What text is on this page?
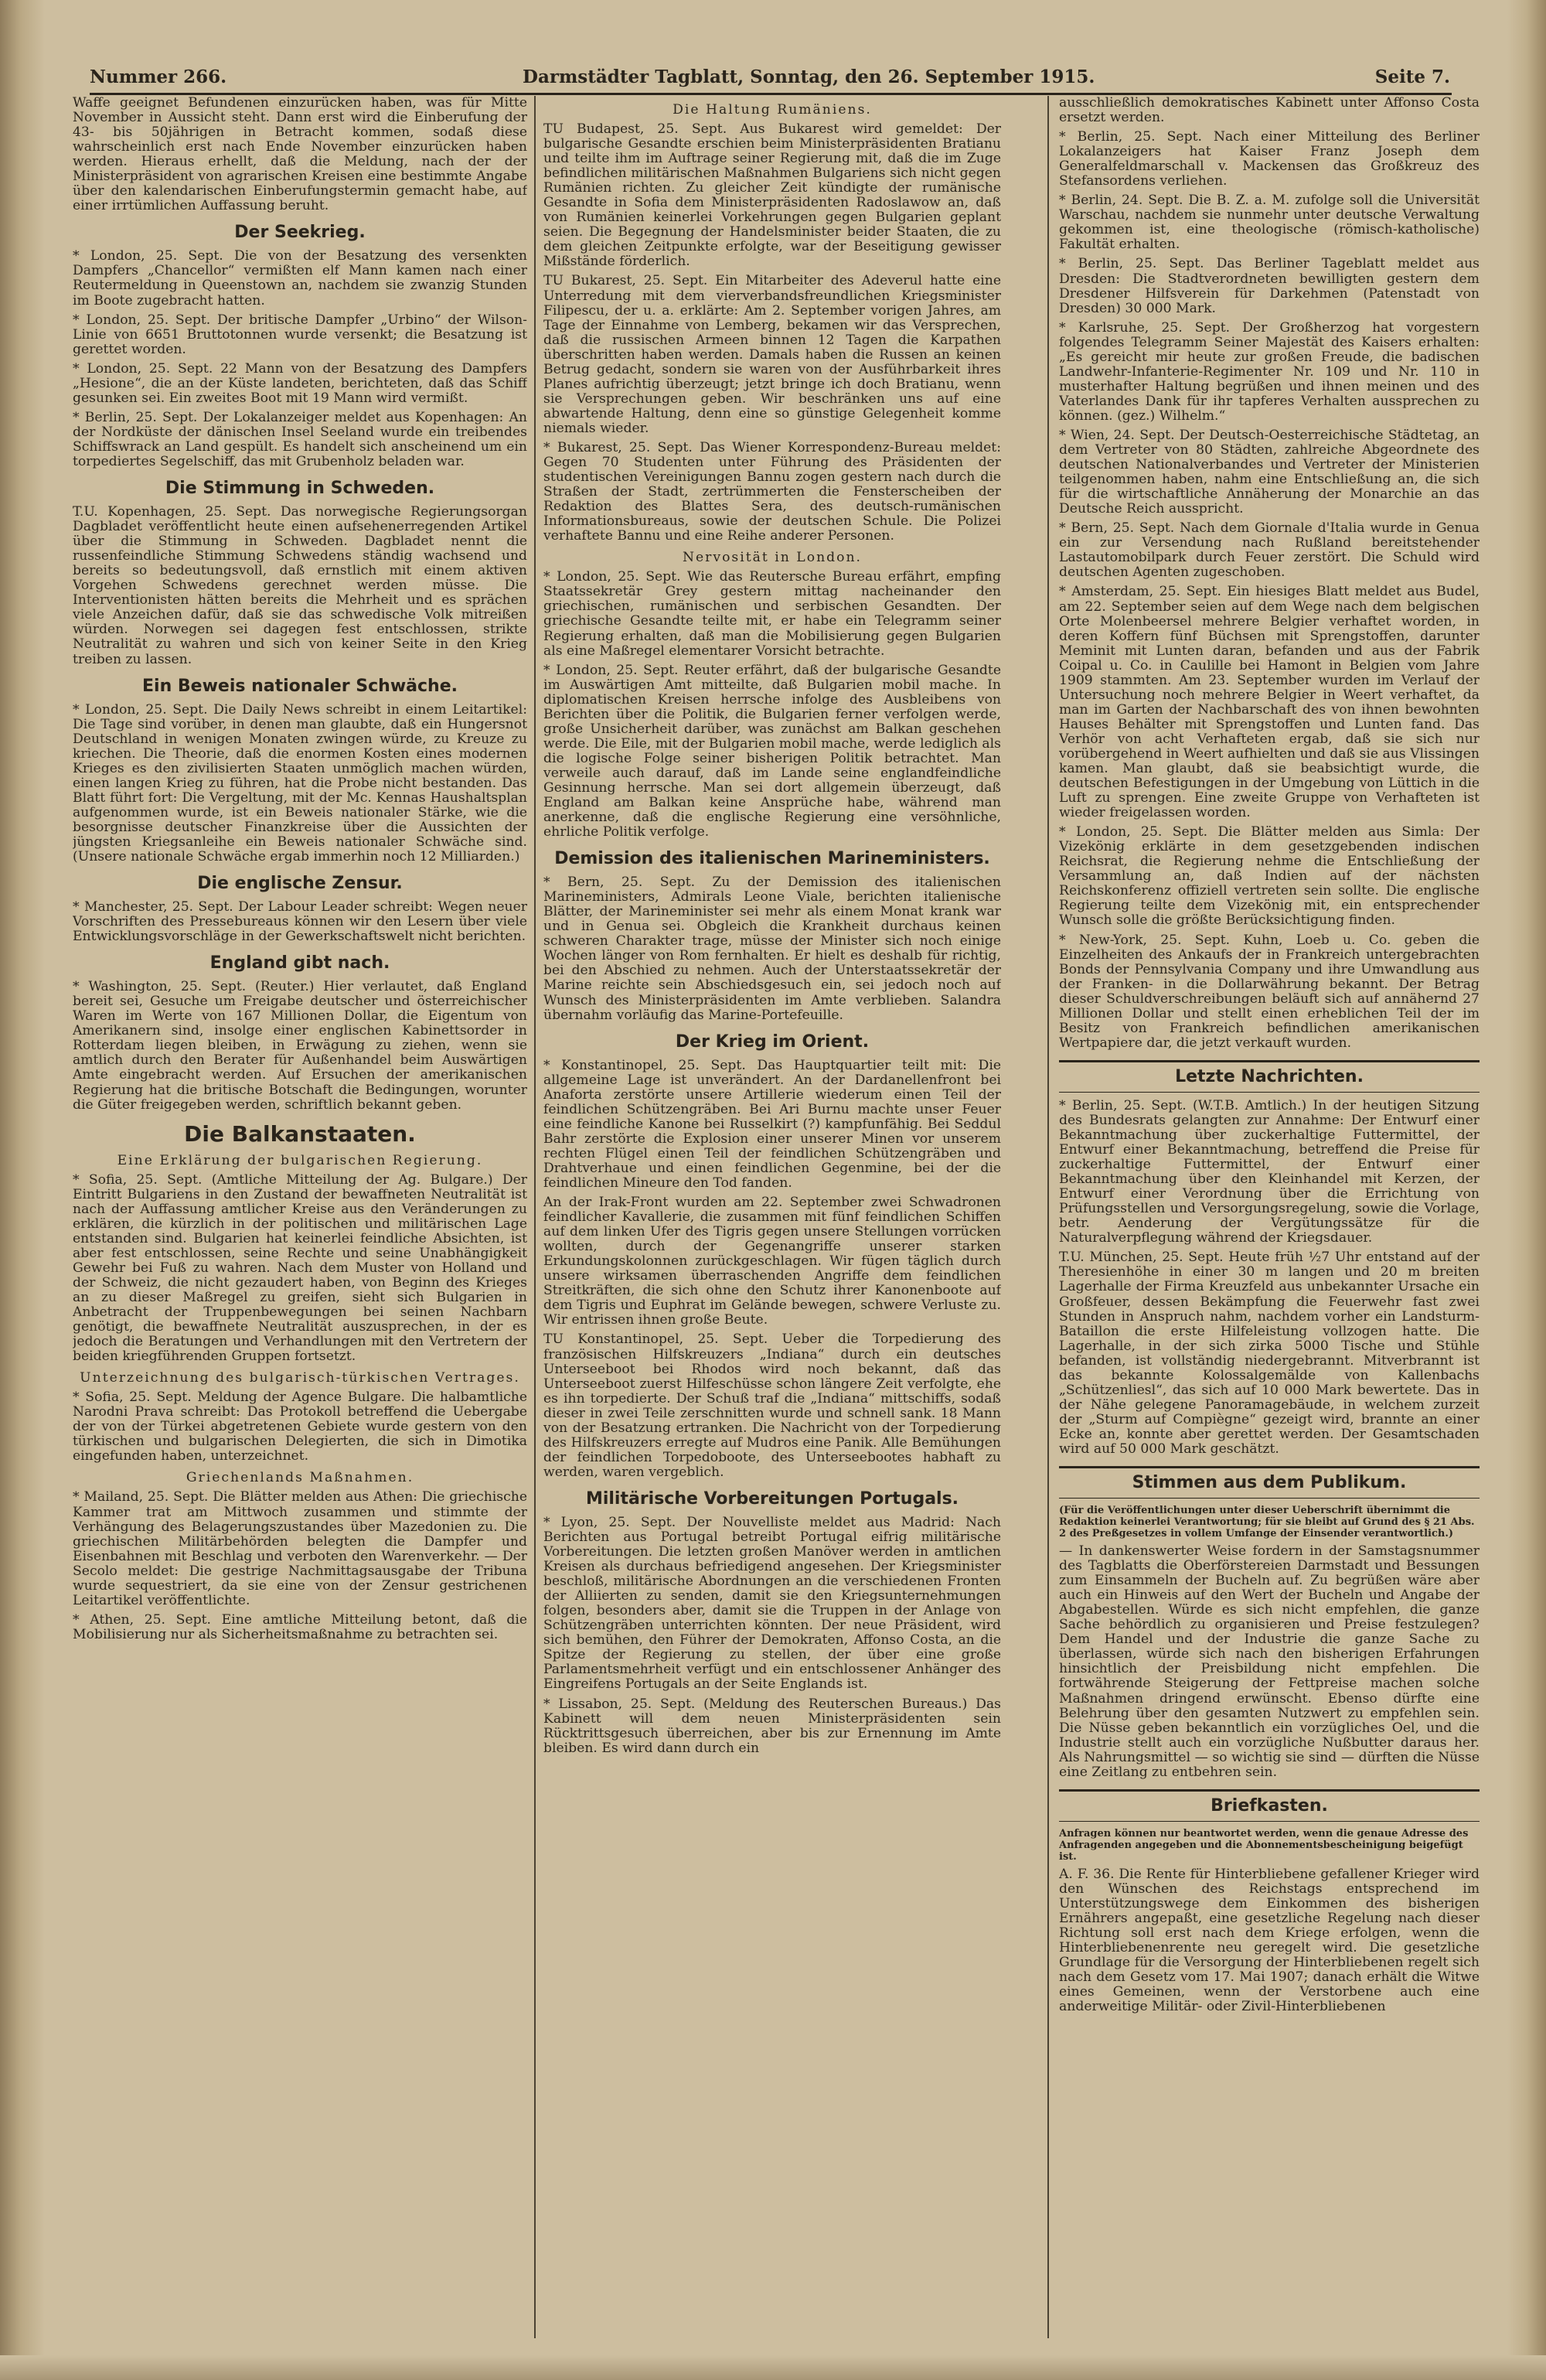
Nummer 266.	Darmstädter Tagblatt, Sonntag, den 26. September 1915.	Seite 7.

Waffe geeignet Befundenen einzurücken haben, was für Mitte November in Aussicht steht. Dann erst wird die Einberufung der 43- bis 50jährigen in Betracht kommen, sodaß diese wahrscheinlich erst nach Ende November einzurücken haben werden. Hieraus erhellt, daß die Meldung, nach der der Ministerpräsident von agrarischen Kreisen eine bestimmte Angabe über den kalendarischen Einberufungstermin gemacht habe, auf einer irrtümlichen Auffassung beruht.

Der Seekrieg.

* London, 25. Sept. Die von der Besatzung des versenkten Dampfers „Chancellor“ vermißten elf Mann kamen nach einer Reutermeldung in Queenstown an, nachdem sie zwanzig Stunden im Boote zugebracht hatten.

* London, 25. Sept. Der britische Dampfer „Urbino“ der Wilson-Linie von 6651 Bruttotonnen wurde versenkt; die Besatzung ist gerettet worden.

* London, 25. Sept. 22 Mann von der Besatzung des Dampfers „Hesione“, die an der Küste landeten, berichteten, daß das Schiff gesunken sei. Ein zweites Boot mit 19 Mann wird vermißt.

* Berlin, 25. Sept. Der Lokalanzeiger meldet aus Kopenhagen: An der Nordküste der dänischen Insel Seeland wurde ein treibendes Schiffswrack an Land gespült. Es handelt sich anscheinend um ein torpediertes Segelschiff, das mit Grubenholz beladen war.

Die Stimmung in Schweden.

T.U. Kopenhagen, 25. Sept. Das norwegische Regierungsorgan Dagbladet veröffentlicht heute einen aufsehenerregenden Artikel über die Stimmung in Schweden. Dagbladet nennt die russenfeindliche Stimmung Schwedens ständig wachsend und bereits so bedeutungsvoll, daß ernstlich mit einem aktiven Vorgehen Schwedens gerechnet werden müsse. Die Interventionisten hätten bereits die Mehrheit und es sprächen viele Anzeichen dafür, daß sie das schwedische Volk mitreißen würden. Norwegen sei dagegen fest entschlossen, strikte Neutralität zu wahren und sich von keiner Seite in den Krieg treiben zu lassen.

Ein Beweis nationaler Schwäche.

* London, 25. Sept. Die Daily News schreibt in einem Leitartikel: Die Tage sind vorüber, in denen man glaubte, daß ein Hungersnot Deutschland in wenigen Monaten zwingen würde, zu Kreuze zu kriechen. Die Theorie, daß die enormen Kosten eines modernen Krieges es den zivilisierten Staaten unmöglich machen würden, einen langen Krieg zu führen, hat die Probe nicht bestanden. Das Blatt führt fort: Die Vergeltung, mit der Mc. Kennas Haushaltsplan aufgenommen wurde, ist ein Beweis nationaler Stärke, wie die besorgnisse deutscher Finanzkreise über die Aussichten der jüngsten Kriegsanleihe ein Beweis nationaler Schwäche sind. (Unsere nationale Schwäche ergab immerhin noch 12 Milliarden.)

Die englische Zensur.

* Manchester, 25. Sept. Der Labour Leader schreibt: Wegen neuer Vorschriften des Pressebureaus können wir den Lesern über viele Entwicklungsvorschläge in der Gewerkschaftswelt nicht berichten.

England gibt nach.

* Washington, 25. Sept. (Reuter.) Hier verlautet, daß England bereit sei, Gesuche um Freigabe deutscher und österreichischer Waren im Werte von 167 Millionen Dollar, die Eigentum von Amerikanern sind, insolge einer englischen Kabinettsorder in Rotterdam liegen bleiben, in Erwägung zu ziehen, wenn sie amtlich durch den Berater für Außenhandel beim Auswärtigen Amte eingebracht werden. Auf Ersuchen der amerikanischen Regierung hat die britische Botschaft die Bedingungen, worunter die Güter freigegeben werden, schriftlich bekannt geben.

Die Balkanstaaten.
Eine Erklärung der bulgarischen Regierung.

* Sofia, 25. Sept. (Amtliche Mitteilung der Ag. Bulgare.) Der Eintritt Bulgariens in den Zustand der bewaffneten Neutralität ist nach der Auffassung amtlicher Kreise aus den Veränderungen zu erklären, die kürzlich in der politischen und militärischen Lage entstanden sind. Bulgarien hat keinerlei feindliche Absichten, ist aber fest entschlossen, seine Rechte und seine Unabhängigkeit Gewehr bei Fuß zu wahren. Nach dem Muster von Holland und der Schweiz, die nicht gezaudert haben, von Beginn des Krieges an zu dieser Maßregel zu greifen, sieht sich Bulgarien in Anbetracht der Truppenbewegungen bei seinen Nachbarn genötigt, die bewaffnete Neutralität auszusprechen, in der es jedoch die Beratungen und Verhandlungen mit den Vertretern der beiden kriegführenden Gruppen fortsetzt.

Unterzeichnung des bulgarisch-türkischen Vertrages.

* Sofia, 25. Sept. Meldung der Agence Bulgare. Die halbamtliche Narodni Prava schreibt: Das Protokoll betreffend die Uebergabe der von der Türkei abgetretenen Gebiete wurde gestern von den türkischen und bulgarischen Delegierten, die sich in Dimotika eingefunden haben, unterzeichnet.

Griechenlands Maßnahmen.

* Mailand, 25. Sept. Die Blätter melden aus Athen: Die griechische Kammer trat am Mittwoch zusammen und stimmte der Verhängung des Belagerungszustandes über Mazedonien zu. Die griechischen Militärbehörden belegten die Dampfer und Eisenbahnen mit Beschlag und verboten den Warenverkehr. — Der Secolo meldet: Die gestrige Nachmittagsausgabe der Tribuna wurde sequestriert, da sie eine von der Zensur gestrichenen Leitartikel veröffentlichte.

* Athen, 25. Sept. Eine amtliche Mitteilung betont, daß die Mobilisierung nur als Sicherheitsmaßnahme zu betrachten sei.

Die Haltung Rumäniens.

TU Budapest, 25. Sept. Aus Bukarest wird gemeldet: Der bulgarische Gesandte erschien beim Ministerpräsidenten Bratianu und teilte ihm im Auftrage seiner Regierung mit, daß die im Zuge befindlichen militärischen Maßnahmen Bulgariens sich nicht gegen Rumänien richten. Zu gleicher Zeit kündigte der rumänische Gesandte in Sofia dem Ministerpräsidenten Radoslawow an, daß von Rumänien keinerlei Vorkehrungen gegen Bulgarien geplant seien. Die Begegnung der Handelsminister beider Staaten, die zu dem gleichen Zeitpunkte erfolgte, war der Beseitigung gewisser Mißstände förderlich.

TU Bukarest, 25. Sept. Ein Mitarbeiter des Adeverul hatte eine Unterredung mit dem vierverbandsfreundlichen Kriegsminister Filipescu, der u. a. erklärte: Am 2. September vorigen Jahres, am Tage der Einnahme von Lemberg, bekamen wir das Versprechen, daß die russischen Armeen binnen 12 Tagen die Karpathen überschritten haben werden. Damals haben die Russen an keinen Betrug gedacht, sondern sie waren von der Ausführbarkeit ihres Planes aufrichtig überzeugt; jetzt bringe ich doch Bratianu, wenn sie Versprechungen geben. Wir beschränken uns auf eine abwartende Haltung, denn eine so günstige Gelegenheit komme niemals wieder.

* Bukarest, 25. Sept. Das Wiener Korrespondenz-Bureau meldet: Gegen 70 Studenten unter Führung des Präsidenten der studentischen Vereinigungen Bannu zogen gestern nach durch die Straßen der Stadt, zertrümmerten die Fensterscheiben der Redaktion des Blattes Sera, des deutsch-rumänischen Informationsbureaus, sowie der deutschen Schule. Die Polizei verhaftete Bannu und eine Reihe anderer Personen.

Nervosität in London.

* London, 25. Sept. Wie das Reutersche Bureau erfährt, empfing Staatssekretär Grey gestern mittag nacheinander den griechischen, rumänischen und serbischen Gesandten. Der griechische Gesandte teilte mit, er habe ein Telegramm seiner Regierung erhalten, daß man die Mobilisierung gegen Bulgarien als eine Maßregel elementarer Vorsicht betrachte.

* London, 25. Sept. Reuter erfährt, daß der bulgarische Gesandte im Auswärtigen Amt mitteilte, daß Bulgarien mobil mache. In diplomatischen Kreisen herrsche infolge des Ausbleibens von Berichten über die Politik, die Bulgarien ferner verfolgen werde, große Unsicherheit darüber, was zunächst am Balkan geschehen werde. Die Eile, mit der Bulgarien mobil mache, werde lediglich als die logische Folge seiner bisherigen Politik betrachtet. Man verweile auch darauf, daß im Lande seine englandfeindliche Gesinnung herrsche. Man sei dort allgemein überzeugt, daß England am Balkan keine Ansprüche habe, während man anerkenne, daß die englische Regierung eine versöhnliche, ehrliche Politik verfolge.

Demission des italienischen Marineministers.

* Bern, 25. Sept. Zu der Demission des italienischen Marineministers, Admirals Leone Viale, berichten italienische Blätter, der Marineminister sei mehr als einem Monat krank war und in Genua sei. Obgleich die Krankheit durchaus keinen schweren Charakter trage, müsse der Minister sich noch einige Wochen länger von Rom fernhalten. Er hielt es deshalb für richtig, bei den Abschied zu nehmen. Auch der Unterstaatssekretär der Marine reichte sein Abschiedsgesuch ein, sei jedoch noch auf Wunsch des Ministerpräsidenten im Amte verblieben. Salandra übernahm vorläufig das Marine-Portefeuille.

Der Krieg im Orient.

* Konstantinopel, 25. Sept. Das Hauptquartier teilt mit: Die allgemeine Lage ist unverändert. An der Dardanellenfront bei Anaforta zerstörte unsere Artillerie wiederum einen Teil der feindlichen Schützengräben. Bei Ari Burnu machte unser Feuer eine feindliche Kanone bei Russelkirt (?) kampfunfähig. Bei Seddul Bahr zerstörte die Explosion einer unserer Minen vor unserem rechten Flügel einen Teil der feindlichen Schützengräben und Drahtverhaue und einen feindlichen Gegenmine, bei der die feindlichen Mineure den Tod fanden.

An der Irak-Front wurden am 22. September zwei Schwadronen feindlicher Kavallerie, die zusammen mit fünf feindlichen Schiffen auf dem linken Ufer des Tigris gegen unsere Stellungen vorrücken wollten, durch der Gegenangriffe unserer starken Erkundungskolonnen zurückgeschlagen. Wir fügen täglich durch unsere wirksamen überraschenden Angriffe dem feindlichen Streitkräften, die sich ohne den Schutz ihrer Kanonenboote auf dem Tigris und Euphrat im Gelände bewegen, schwere Verluste zu. Wir entrissen ihnen große Beute.

TU Konstantinopel, 25. Sept. Ueber die Torpedierung des französischen Hilfskreuzers „Indiana“ durch ein deutsches Unterseeboot bei Rhodos wird noch bekannt, daß das Unterseeboot zuerst Hilfeschüsse schon längere Zeit verfolgte, ehe es ihn torpedierte. Der Schuß traf die „Indiana“ mittschiffs, sodaß dieser in zwei Teile zerschnitten wurde und schnell sank. 18 Mann von der Besatzung ertranken. Die Nachricht von der Torpedierung des Hilfskreuzers erregte auf Mudros eine Panik. Alle Bemühungen der feindlichen Torpedoboote, des Unterseebootes habhaft zu werden, waren vergeblich.

Militärische Vorbereitungen Portugals.

* Lyon, 25. Sept. Der Nouvelliste meldet aus Madrid: Nach Berichten aus Portugal betreibt Portugal eifrig militärische Vorbereitungen. Die letzten großen Manöver werden in amtlichen Kreisen als durchaus befriedigend angesehen. Der Kriegsminister beschloß, militärische Abordnungen an die verschiedenen Fronten der Alliierten zu senden, damit sie den Kriegsunternehmungen folgen, besonders aber, damit sie die Truppen in der Anlage von Schützengräben unterrichten könnten. Der neue Präsident, wird sich bemühen, den Führer der Demokraten, Affonso Costa, an die Spitze der Regierung zu stellen, der über eine große Parlamentsmehrheit verfügt und ein entschlossener Anhänger des Eingreifens Portugals an der Seite Englands ist.

* Lissabon, 25. Sept. (Meldung des Reuterschen Bureaus.) Das Kabinett will dem neuen Ministerpräsidenten sein Rücktrittsgesuch überreichen, aber bis zur Ernennung im Amte bleiben. Es wird dann durch ein

ausschließlich demokratisches Kabinett unter Affonso Costa ersetzt werden.

* Berlin, 25. Sept. Nach einer Mitteilung des Berliner Lokalanzeigers hat Kaiser Franz Joseph dem Generalfeldmarschall v. Mackensen das Großkreuz des Stefansordens verliehen.

* Berlin, 24. Sept. Die B. Z. a. M. zufolge soll die Universität Warschau, nachdem sie nunmehr unter deutsche Verwaltung gekommen ist, eine theologische (römisch-katholische) Fakultät erhalten.

* Berlin, 25. Sept. Das Berliner Tageblatt meldet aus Dresden: Die Stadtverordneten bewilligten gestern dem Dresdener Hilfsverein für Darkehmen (Patenstadt von Dresden) 30 000 Mark.

* Karlsruhe, 25. Sept. Der Großherzog hat vorgestern folgendes Telegramm Seiner Majestät des Kaisers erhalten: „Es gereicht mir heute zur großen Freude, die badischen Landwehr-Infanterie-Regimenter Nr. 109 und Nr. 110 in musterhafter Haltung begrüßen und ihnen meinen und des Vaterlandes Dank für ihr tapferes Verhalten aussprechen zu können. (gez.) Wilhelm.“

* Wien, 24. Sept. Der Deutsch-Oesterreichische Städtetag, an dem Vertreter von 80 Städten, zahlreiche Abgeordnete des deutschen Nationalverbandes und Vertreter der Ministerien teilgenommen haben, nahm eine Entschließung an, die sich für die wirtschaftliche Annäherung der Monarchie an das Deutsche Reich ausspricht.

* Bern, 25. Sept. Nach dem Giornale d'Italia wurde in Genua ein zur Versendung nach Rußland bereitstehender Lastautomobilpark durch Feuer zerstört. Die Schuld wird deutschen Agenten zugeschoben.

* Amsterdam, 25. Sept. Ein hiesiges Blatt meldet aus Budel, am 22. September seien auf dem Wege nach dem belgischen Orte Molenbeersel mehrere Belgier verhaftet worden, in deren Koffern fünf Büchsen mit Sprengstoffen, darunter Meminit mit Lunten daran, befanden und aus der Fabrik Coipal u. Co. in Caulille bei Hamont in Belgien vom Jahre 1909 stammten. Am 23. September wurden im Verlauf der Untersuchung noch mehrere Belgier in Weert verhaftet, da man im Garten der Nachbarschaft des von ihnen bewohnten Hauses Behälter mit Sprengstoffen und Lunten fand. Das Verhör von acht Verhafteten ergab, daß sie sich nur vorübergehend in Weert aufhielten und daß sie aus Vlissingen kamen. Man glaubt, daß sie beabsichtigt wurde, die deutschen Befestigungen in der Umgebung von Lüttich in die Luft zu sprengen. Eine zweite Gruppe von Verhafteten ist wieder freigelassen worden.

* London, 25. Sept. Die Blätter melden aus Simla: Der Vizekönig erklärte in dem gesetzgebenden indischen Reichsrat, die Regierung nehme die Entschließung der Versammlung an, daß Indien auf der nächsten Reichskonferenz offiziell vertreten sein sollte. Die englische Regierung teilte dem Vizekönig mit, ein entsprechender Wunsch solle die größte Berücksichtigung finden.

* New-York, 25. Sept. Kuhn, Loeb u. Co. geben die Einzelheiten des Ankaufs der in Frankreich untergebrachten Bonds der Pennsylvania Company und ihre Umwandlung aus der Franken- in die Dollarwährung bekannt. Der Betrag dieser Schuldverschreibungen beläuft sich auf annähernd 27 Millionen Dollar und stellt einen erheblichen Teil der im Besitz von Frankreich befindlichen amerikanischen Wertpapiere dar, die jetzt verkauft wurden.

Letzte Nachrichten.

* Berlin, 25. Sept. (W.T.B. Amtlich.) In der heutigen Sitzung des Bundesrats gelangten zur Annahme: Der Entwurf einer Bekanntmachung über zuckerhaltige Futtermittel, der Entwurf einer Bekanntmachung, betreffend die Preise für zuckerhaltige Futtermittel, der Entwurf einer Bekanntmachung über den Kleinhandel mit Kerzen, der Entwurf einer Verordnung über die Errichtung von Prüfungsstellen und Versorgungsregelung, sowie die Vorlage, betr. Aenderung der Vergütungssätze für die Naturalverpflegung während der Kriegsdauer.

T.U. München, 25. Sept. Heute früh ½7 Uhr entstand auf der Theresienhöhe in einer 30 m langen und 20 m breiten Lagerhalle der Firma Kreuzfeld aus unbekannter Ursache ein Großfeuer, dessen Bekämpfung die Feuerwehr fast zwei Stunden in Anspruch nahm, nachdem vorher ein Landsturm-Bataillon die erste Hilfeleistung vollzogen hatte. Die Lagerhalle, in der sich zirka 5000 Tische und Stühle befanden, ist vollständig niedergebrannt. Mitverbrannt ist das bekannte Kolossalgemälde von Kallenbachs „Schützenliesl“, das sich auf 10 000 Mark bewertete. Das in der Nähe gelegene Panoramagebäude, in welchem zurzeit der „Sturm auf Compiègne“ gezeigt wird, brannte an einer Ecke an, konnte aber gerettet werden. Der Gesamtschaden wird auf 50 000 Mark geschätzt.

Stimmen aus dem Publikum.

(Für die Veröffentlichungen unter dieser Ueberschrift übernimmt die Redaktion keinerlei Verantwortung; für sie bleibt auf Grund des § 21 Abs. 2 des Preßgesetzes in vollem Umfange der Einsender verantwortlich.)

— In dankenswerter Weise fordern in der Samstagsnummer des Tagblatts die Oberförstereien Darmstadt und Bessungen zum Einsammeln der Bucheln auf. Zu begrüßen wäre aber auch ein Hinweis auf den Wert der Bucheln und Angabe der Abgabestellen. Würde es sich nicht empfehlen, die ganze Sache behördlich zu organisieren und Preise festzulegen? Dem Handel und der Industrie die ganze Sache zu überlassen, würde sich nach den bisherigen Erfahrungen hinsichtlich der Preisbildung nicht empfehlen. Die fortwährende Steigerung der Fettpreise machen solche Maßnahmen dringend erwünscht. Ebenso dürfte eine Belehrung über den gesamten Nutzwert zu empfehlen sein. Die Nüsse geben bekanntlich ein vorzügliches Oel, und die Industrie stellt auch ein vorzügliche Nußbutter daraus her. Als Nahrungsmittel — so wichtig sie sind — dürften die Nüsse eine Zeitlang zu entbehren sein.

Briefkasten.

Anfragen können nur beantwortet werden, wenn die genaue Adresse des Anfragenden angegeben und die Abonnementsbescheinigung beigefügt ist.

A. F. 36. Die Rente für Hinterbliebene gefallener Krieger wird den Wünschen des Reichstags entsprechend im Unterstützungswege dem Einkommen des bisherigen Ernährers angepaßt, eine gesetzliche Regelung nach dieser Richtung soll erst nach dem Kriege erfolgen, wenn die Hinterbliebenenrente neu geregelt wird. Die gesetzliche Grundlage für die Versorgung der Hinterbliebenen regelt sich nach dem Gesetz vom 17. Mai 1907; danach erhält die Witwe eines Gemeinen, wenn der Verstorbene auch eine anderweitige Militär- oder Zivil-Hinterbliebenen
